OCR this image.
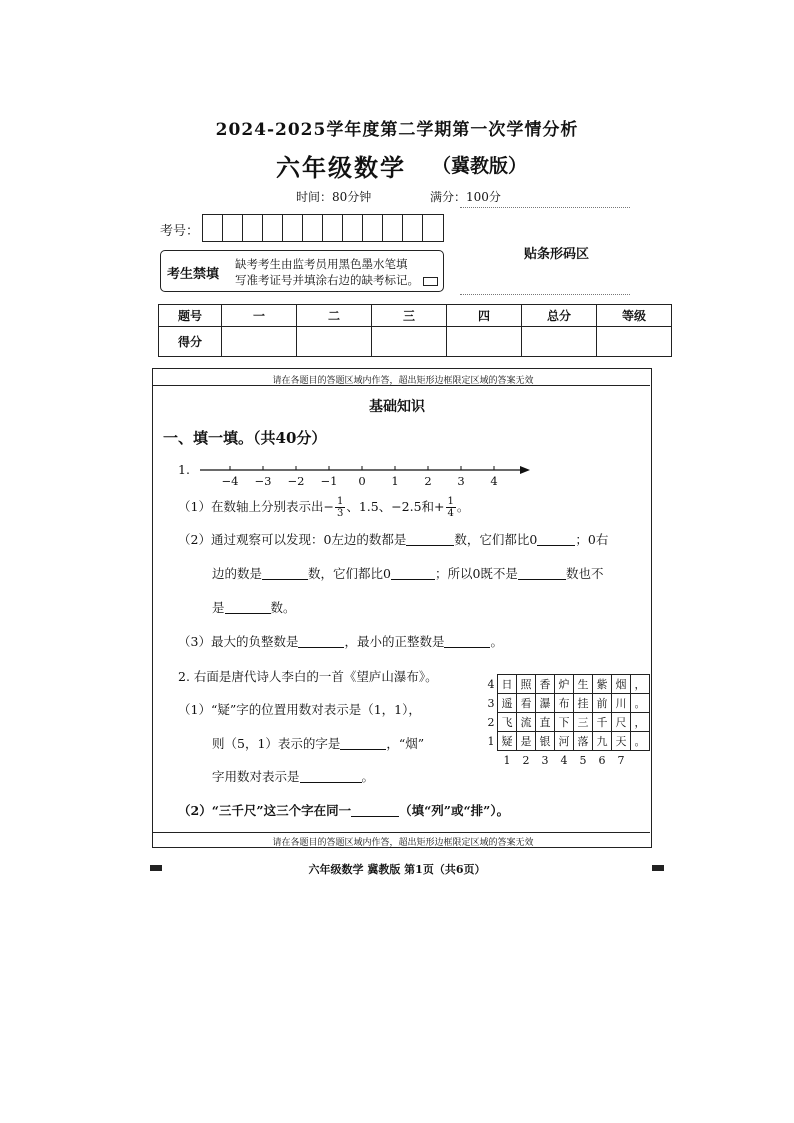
2024-2025学年度第二学期第一次学情分析
六年级数学 （冀教版）
时间：80分钟	满分：100分
考号：
考生禁填
缺考考生由监考员用黑色墨水笔填
写准考证号并填涂右边的缺考标记。
贴条形码区
题号	一	二	三	四	总分	等级
得分						
请在各题目的答题区域内作答，超出矩形边框限定区域的答案无效
请在各题目的答题区域内作答，超出矩形边框限定区域的答案无效
基础知识
一、填一填。（共40分）
1.
−4	−3	−2	−1	0	1	2	3	4
（1）在数轴上分别表示出− $\frac{1}{3}$ 、1.5、−2.5和+ $\frac{1}{4}$ 。
（2）通过观察可以发现：0左边的数都是	数，它们都比0	；0右
边的数是	数，它们都比0	；所以0既不是	数也不
是	数。
（3）最大的负整数是	，最小的正整数是	。
2. 右面是唐代诗人李白的一首《望庐山瀑布》。
（1）“疑”字的位置用数对表示是（1，1），
则（5，1）表示的字是	，“烟”
字用数对表示是	。
（2）“三千尺”这三个字在同一	（填“列”或“排”）。
4	日	照	香	炉	生	紫	烟	，
3	遥	看	瀑	布	挂	前	川	。
2	飞	流	直	下	三	千	尺	，
1	疑	是	银	河	落	九	天	。
	1	2	3	4	5	6	7	
六年级数学 冀教版 第1页（共6页）
